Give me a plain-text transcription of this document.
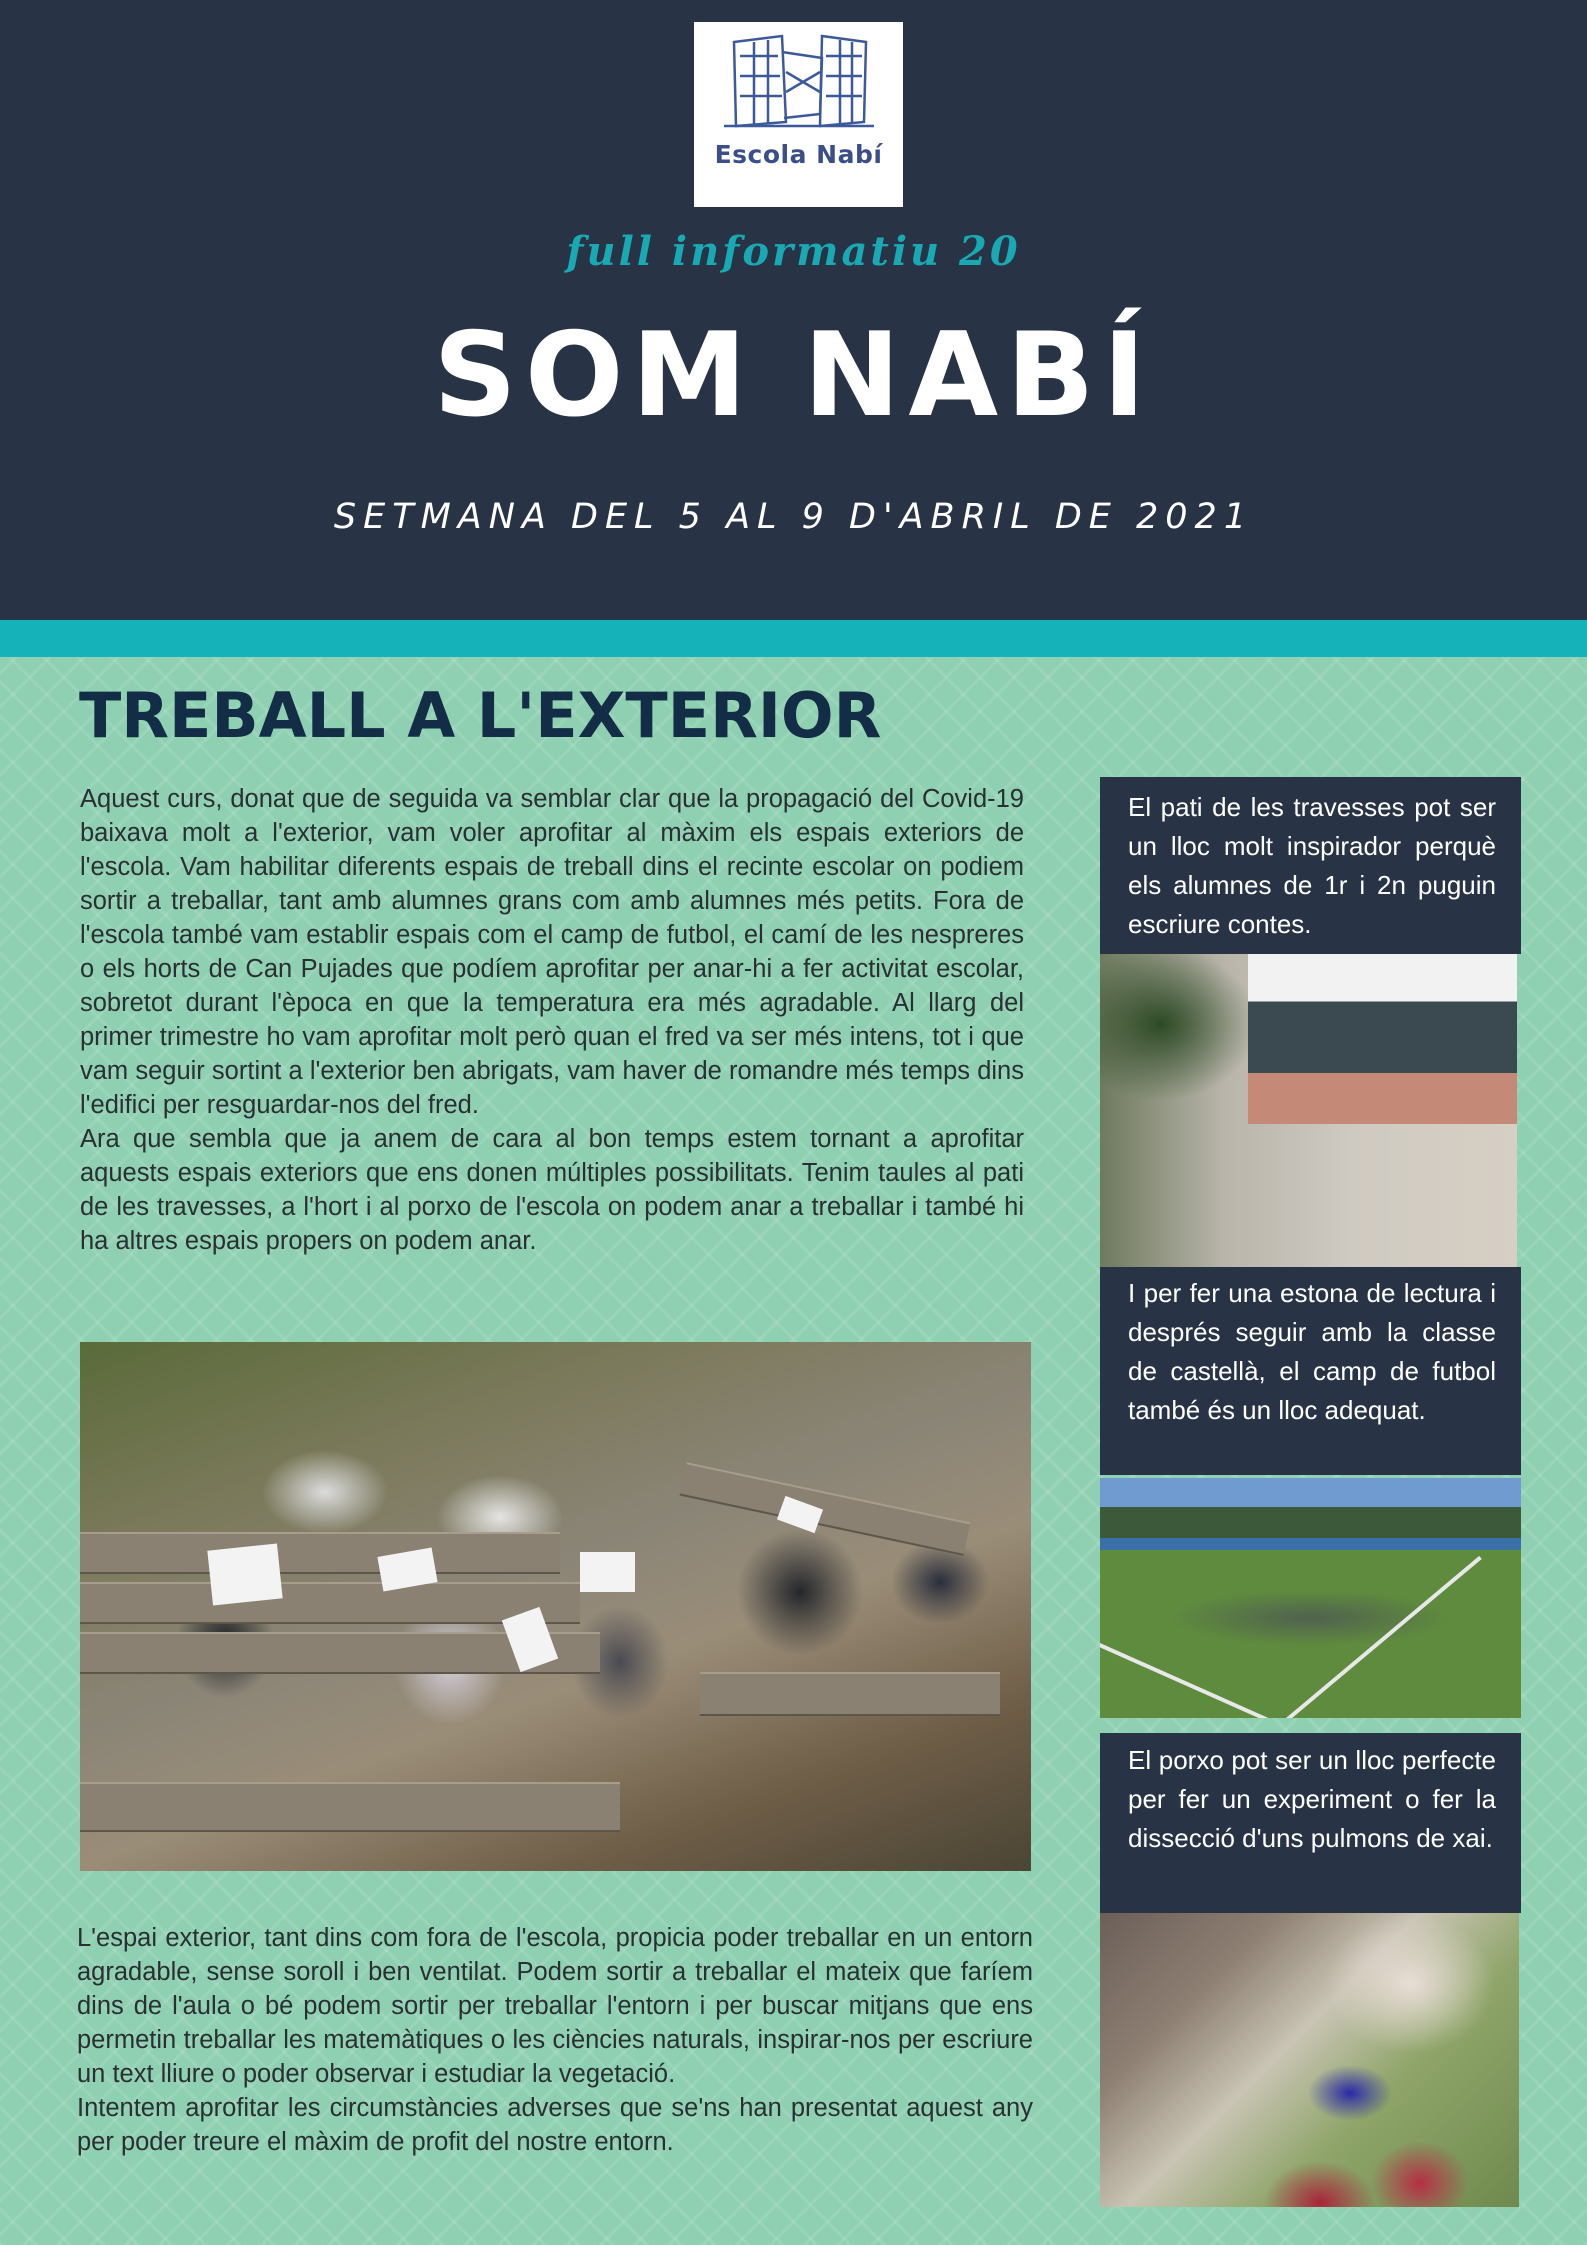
Escola Nabí
full informatiu 20
SOM NABÍ
SETMANA DEL 5 AL 9 D'ABRIL DE 2021
TREBALL A L'EXTERIOR

Aquest curs, donat que de seguida va semblar clar que la propagació del Covid-19 baixava molt a l'exterior, vam voler aprofitar al màxim els espais exteriors de l'escola. Vam habilitar diferents espais de treball dins el recinte escolar on podiem sortir a treballar, tant amb alumnes grans com amb alumnes més petits. Fora de l'escola també vam establir espais com el camp de futbol, el camí de les nespreres o els horts de Can Pujades que podíem aprofitar per anar-hi a fer activitat escolar, sobretot durant l'època en que la temperatura era més agradable. Al llarg del primer trimestre ho vam aprofitar molt però quan el fred va ser més intens, tot i que vam seguir sortint a l'exterior ben abrigats, vam haver de romandre més temps dins l'edifici per resguardar-nos del fred.

Ara que sembla que ja anem de cara al bon temps estem tornant a aprofitar aquests espais exteriors que ens donen múltiples possibilitats. Tenim taules al pati de les travesses, a l'hort i al porxo de l'escola on podem anar a treballar i també hi ha altres espais propers on podem anar.

L'espai exterior, tant dins com fora de l'escola, propicia poder treballar en un entorn agradable, sense soroll i ben ventilat. Podem sortir a treballar el mateix que faríem dins de l'aula o bé podem sortir per treballar l'entorn i per buscar mitjans que ens permetin treballar les matemàtiques o les ciències naturals, inspirar-nos per escriure un text lliure o poder observar i estudiar la vegetació.

Intentem aprofitar les circumstàncies adverses que se'ns han presentat aquest any per poder treure el màxim de profit del nostre entorn.

El pati de les travesses pot ser un lloc molt inspirador perquè els alumnes de 1r i 2n puguin escriure contes.

I per fer una estona de lectura i després seguir amb la classe de castellà, el camp de futbol també és un lloc adequat.

El porxo pot ser un lloc perfecte per fer un experiment o fer la dissecció d'uns pulmons de xai.
